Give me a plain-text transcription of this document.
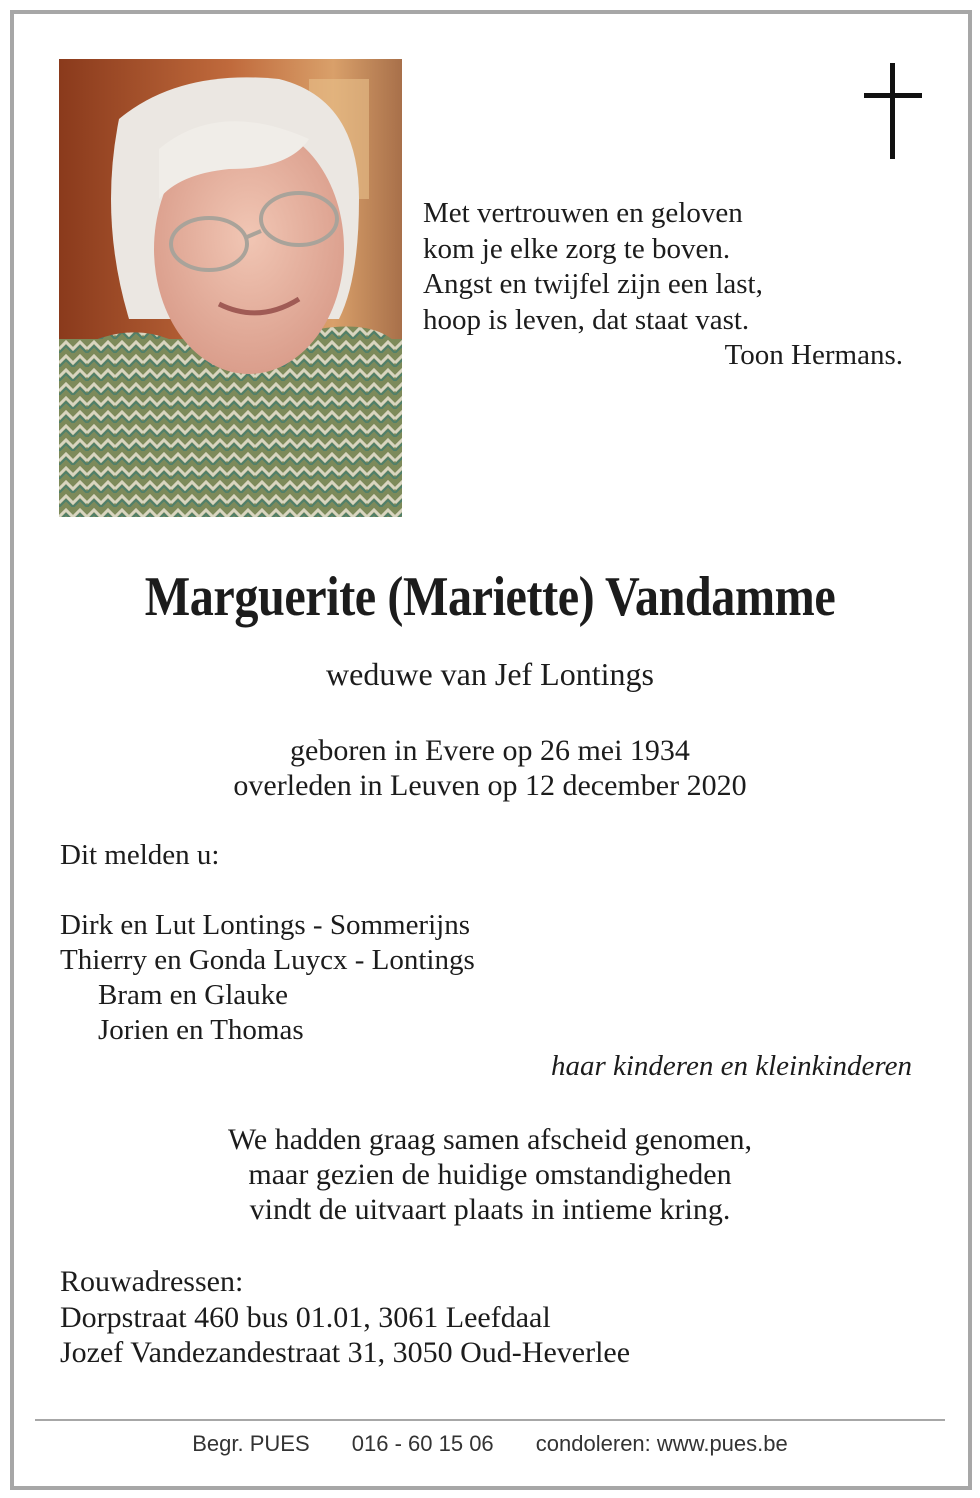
Met vertrouwen en geloven
kom je elke zorg te boven.
Angst en twijfel zijn een last,
hoop is leven, dat staat vast.
Toon Hermans.
Marguerite (Mariette) Vandamme
weduwe van Jef Lontings
geboren in Evere op 26 mei 1934
overleden in Leuven op 12 december 2020
Dit melden u:
Dirk en Lut Lontings - Sommerijns
Thierry en Gonda Luycx - Lontings
Bram en Glauke
Jorien en Thomas
haar kinderen en kleinkinderen
We hadden graag samen afscheid genomen,
maar gezien de huidige omstandigheden
vindt de uitvaart plaats in intieme kring.
Rouwadressen:
Dorpstraat 460 bus 01.01, 3061 Leefdaal
Jozef Vandezandestraat 31, 3050 Oud-Heverlee
Begr. PUES 016 - 60 15 06 condoleren: www.pues.be
